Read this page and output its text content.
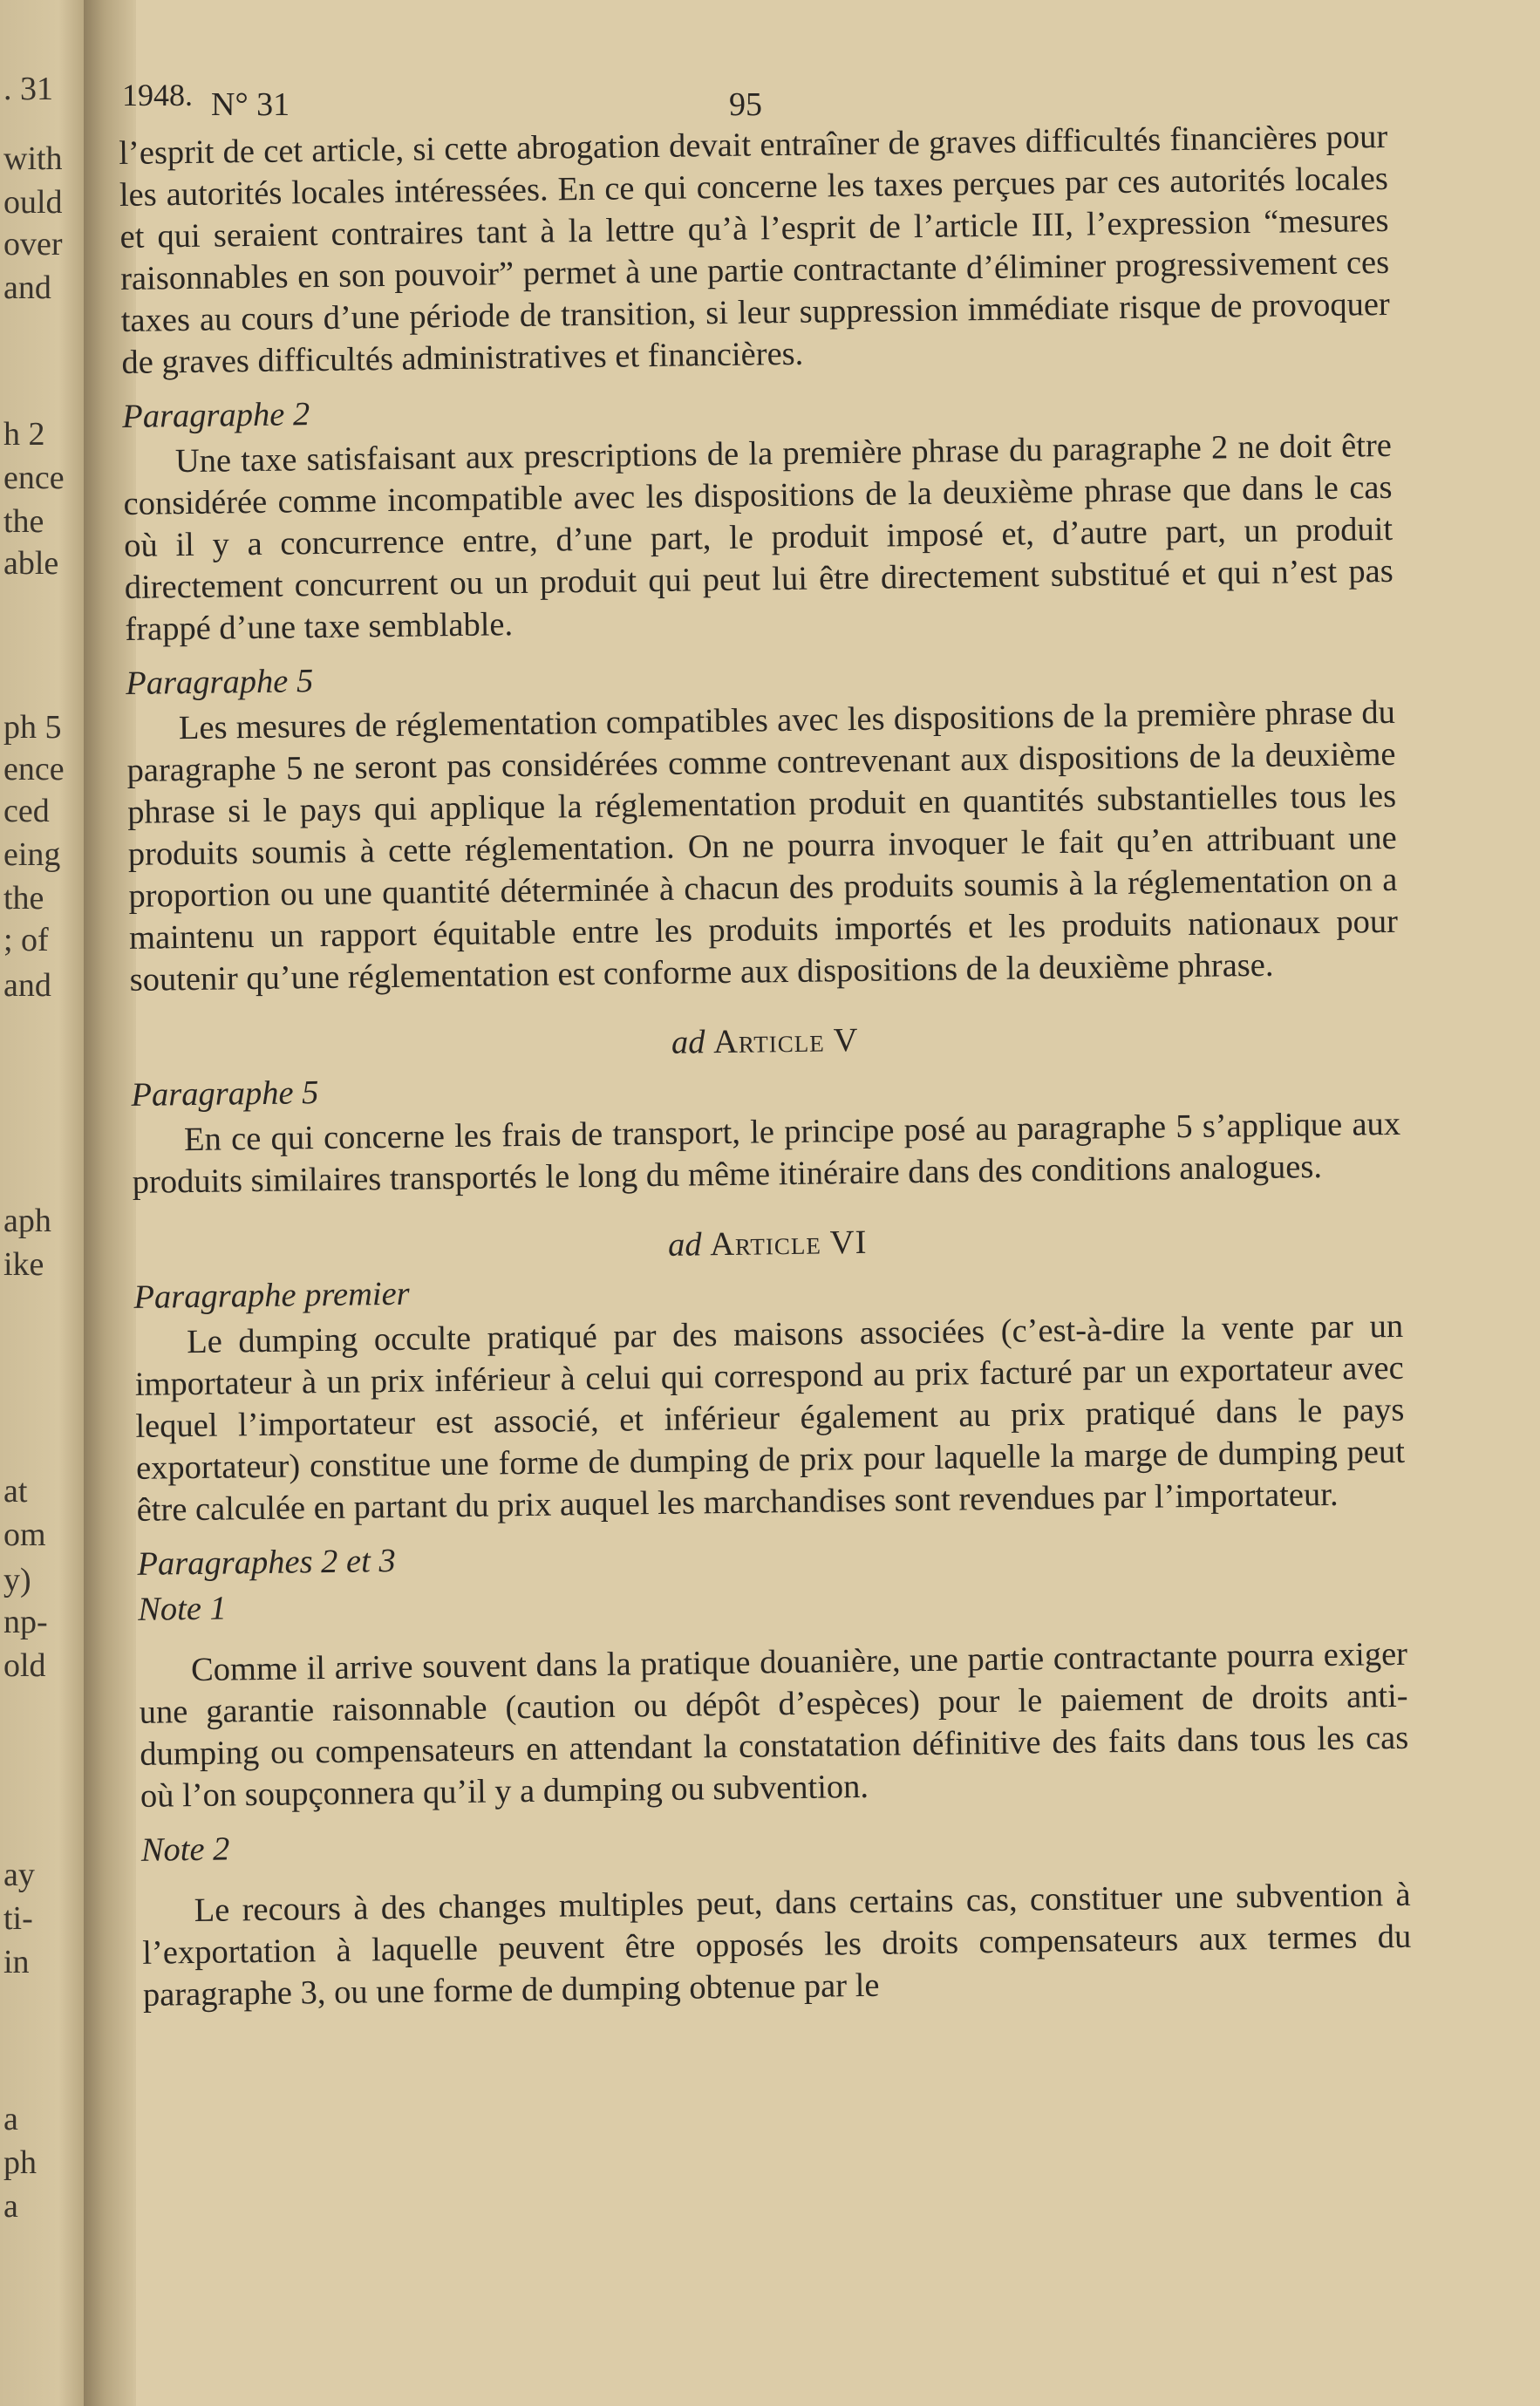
. 31
with
ould
over
and
h 2
ence
the
able
ph 5
ence
ced
eing
the
; of
and
aph
ike
at
om
y)
np-
old
ay
ti-
in
a
ph
a
1948. N° 31	95

l’esprit de cet article, si cette abrogation devait entraîner de graves difficultés financières pour les autorités locales intéressées. En ce qui concerne les taxes perçues par ces autorités locales et qui seraient contraires tant à la lettre qu’à l’esprit de l’article III, l’expression “mesures raisonnables en son pouvoir” permet à une partie contractante d’éliminer progressivement ces taxes au cours d’une période de transition, si leur suppression immédiate risque de provoquer de graves difficultés administratives et financières.

Paragraphe 2

Une taxe satisfaisant aux prescriptions de la première phrase du paragraphe 2 ne doit être considérée comme incompatible avec les dispositions de la deuxième phrase que dans le cas où il y a concurrence entre, d’une part, le produit imposé et, d’autre part, un produit directement concurrent ou un produit qui peut lui être directement substitué et qui n’est pas frappé d’une taxe semblable.

Paragraphe 5

Les mesures de réglementation compatibles avec les dispositions de la première phrase du paragraphe 5 ne seront pas considérées comme contrevenant aux dispositions de la deuxième phrase si le pays qui applique la réglementation produit en quantités substantielles tous les produits soumis à cette réglementation. On ne pourra invoquer le fait qu’en attribuant une proportion ou une quantité déterminée à chacun des produits soumis à la réglementation on a maintenu un rapport équitable entre les produits importés et les produits nationaux pour soutenir qu’une réglementation est conforme aux dispositions de la deuxième phrase.

ad Article V
Paragraphe 5

En ce qui concerne les frais de transport, le principe posé au paragraphe 5 s’applique aux produits similaires transportés le long du même itinéraire dans des conditions analogues.

ad Article VI
Paragraphe premier

Le dumping occulte pratiqué par des maisons associées (c’est-à-dire la vente par un importateur à un prix inférieur à celui qui correspond au prix facturé par un exportateur avec lequel l’importateur est associé, et inférieur également au prix pratiqué dans le pays exportateur) constitue une forme de dumping de prix pour laquelle la marge de dumping peut être calculée en partant du prix auquel les marchandises sont revendues par l’importateur.

Paragraphes 2 et 3
Note 1

Comme il arrive souvent dans la pratique douanière, une partie contractante pourra exiger une garantie raisonnable (caution ou dépôt d’espèces) pour le paiement de droits anti-dumping ou compensateurs en attendant la constatation définitive des faits dans tous les cas où l’on soupçonnera qu’il y a dumping ou subvention.

Note 2

Le recours à des changes multiples peut, dans certains cas, constituer une subvention à l’exportation à laquelle peuvent être opposés les droits compensateurs aux termes du paragraphe 3, ou une forme de dumping obtenue par le
